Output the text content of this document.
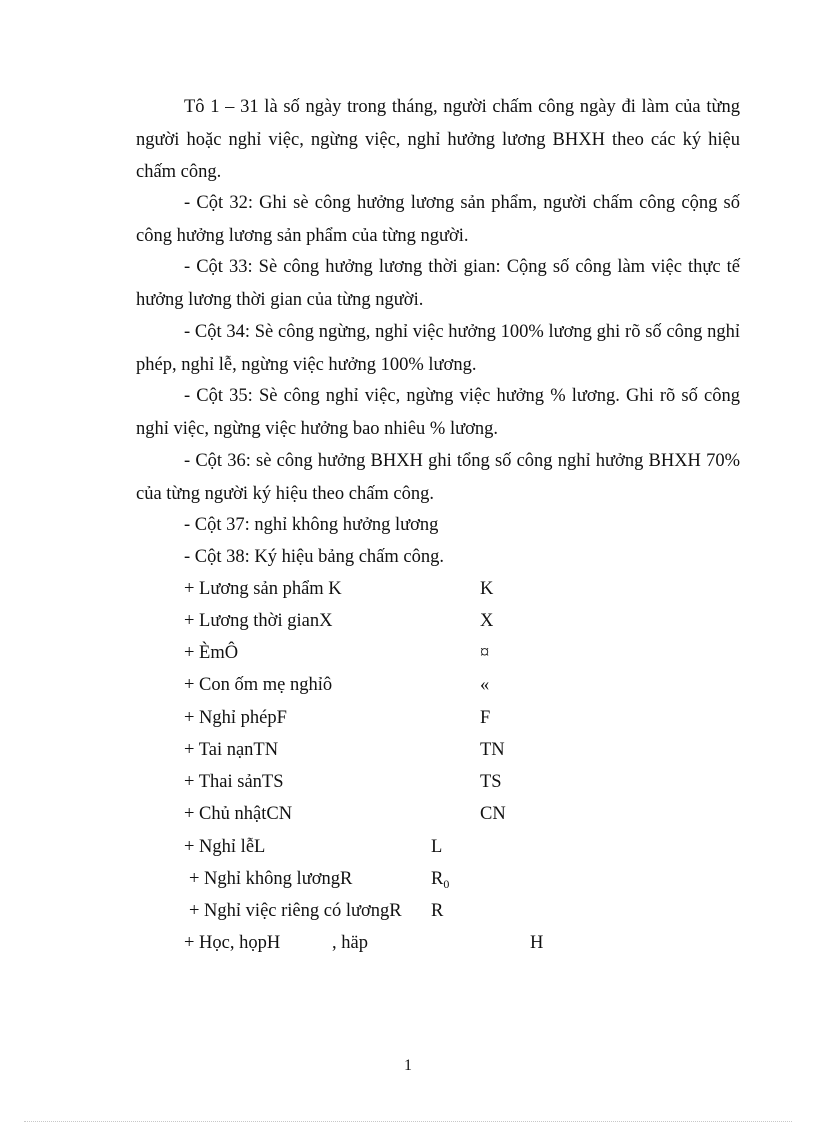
Tô 1 – 31 là số ngày trong tháng, người chấm công ngày đi làm của từng người hoặc nghỉ việc, ngừng việc, nghỉ hưởng lương BHXH theo các ký hiệu chấm công.

- Cột 32: Ghi sè công hưởng lương sản phẩm, người chấm công cộng số công hưởng lương sản phẩm của từng người.

- Cột 33: Sè công hưởng lương thời gian: Cộng số công làm việc thực tế hưởng lương thời gian của từng người.

- Cột 34: Sè công ngừng, nghỉ việc hưởng 100% lương ghi rõ số công nghỉ phép, nghỉ lễ, ngừng việc hưởng 100% lương.

- Cột 35: Sè công nghỉ việc, ngừng việc hưởng % lương. Ghi rõ số công nghỉ việc, ngừng việc hưởng bao nhiêu % lương.

- Cột 36: sè công hưởng BHXH ghi tổng số công nghỉ hưởng BHXH 70% của từng người ký hiệu theo chấm công.

- Cột 37: nghỉ không hưởng lương
- Cột 38: Ký hiệu bảng chấm công.
+ Lương sản phẩm K	K
+ Lương thời gianX	X
+ ÈmÔ	¤
+ Con ốm mẹ nghỉô	«
+ Nghỉ phépF	F
+ Tai nạnTN	TN
+ Thai sảnTS	TS
+ Chủ nhậtCN	CN
+ Nghỉ lễL	L
+ Nghỉ không lươngR	$R_0$
+ Nghỉ việc riêng có lươngR R
+ Học, họpH	, häp	H
1
